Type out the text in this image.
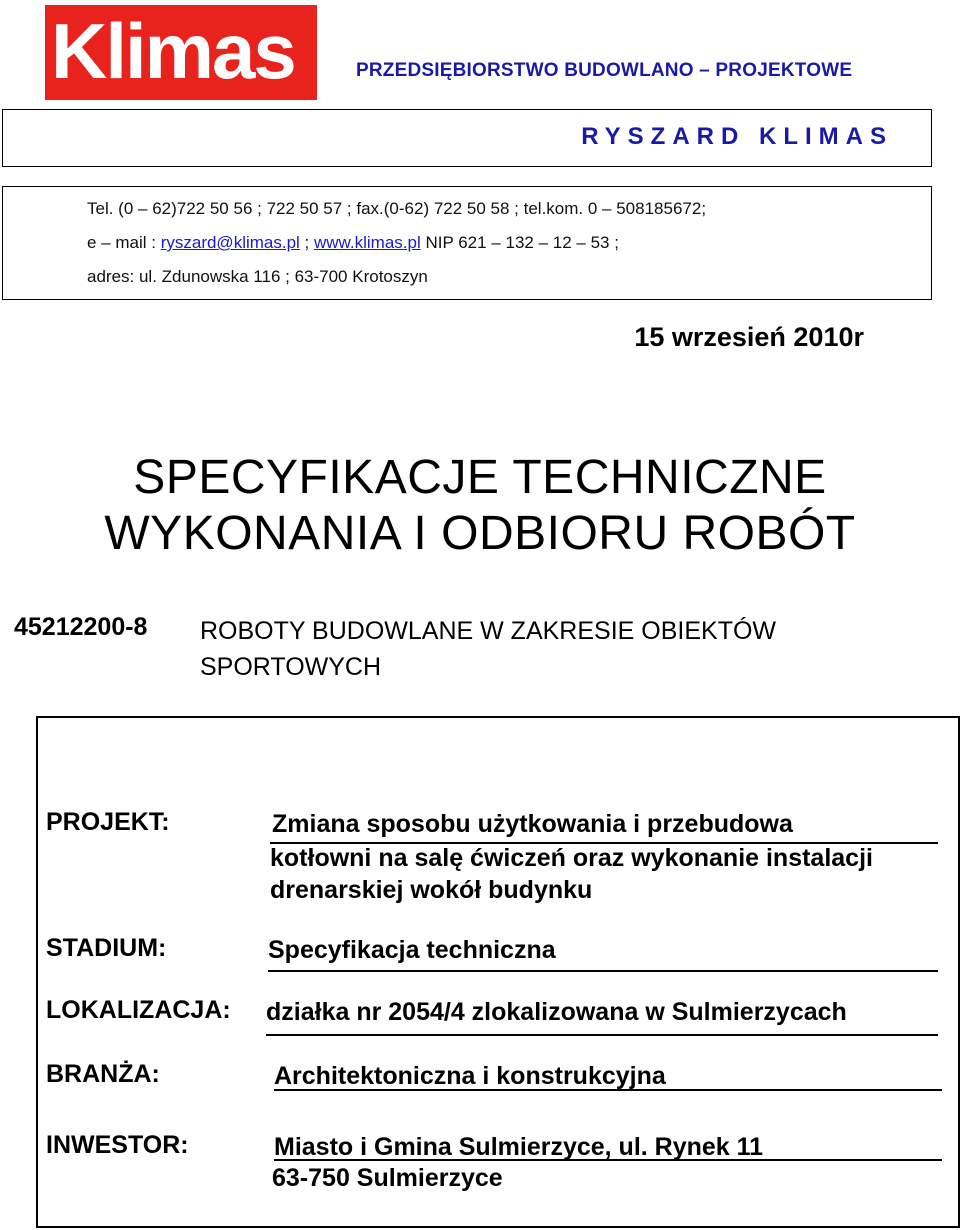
Klimas	PRZEDSIĘBIORSTWO BUDOWLANO – PROJEKTOWE
RYSZARD KLIMAS
Tel. (0 – 62)722 50 56 ; 722 50 57 ; fax.(0-62) 722 50 58 ; tel.kom. 0 – 508185672;
e – mail : ryszard@klimas.pl ; www.klimas.pl NIP 621 – 132 – 12 – 53 ;
adres: ul. Zdunowska 116 ; 63-700 Krotoszyn
15 wrzesień 2010r
SPECYFIKACJE TECHNICZNE
WYKONANIA I ODBIORU ROBÓT
45212200-8 ROBOTY BUDOWLANE W ZAKRESIE OBIEKTÓW SPORTOWYCH
PROJEKT:	Zmiana sposobu użytkowania i przebudowa
kotłowni na salę ćwiczeń oraz wykonanie instalacji
drenarskiej wokół budynku
STADIUM:	Specyfikacja techniczna
LOKALIZACJA: działka nr 2054/4 zlokalizowana w Sulmierzycach
BRANŻA:	Architektoniczna i konstrukcyjna
INWESTOR:	Miasto i Gmina Sulmierzyce, ul. Rynek 11
63-750 Sulmierzyce
